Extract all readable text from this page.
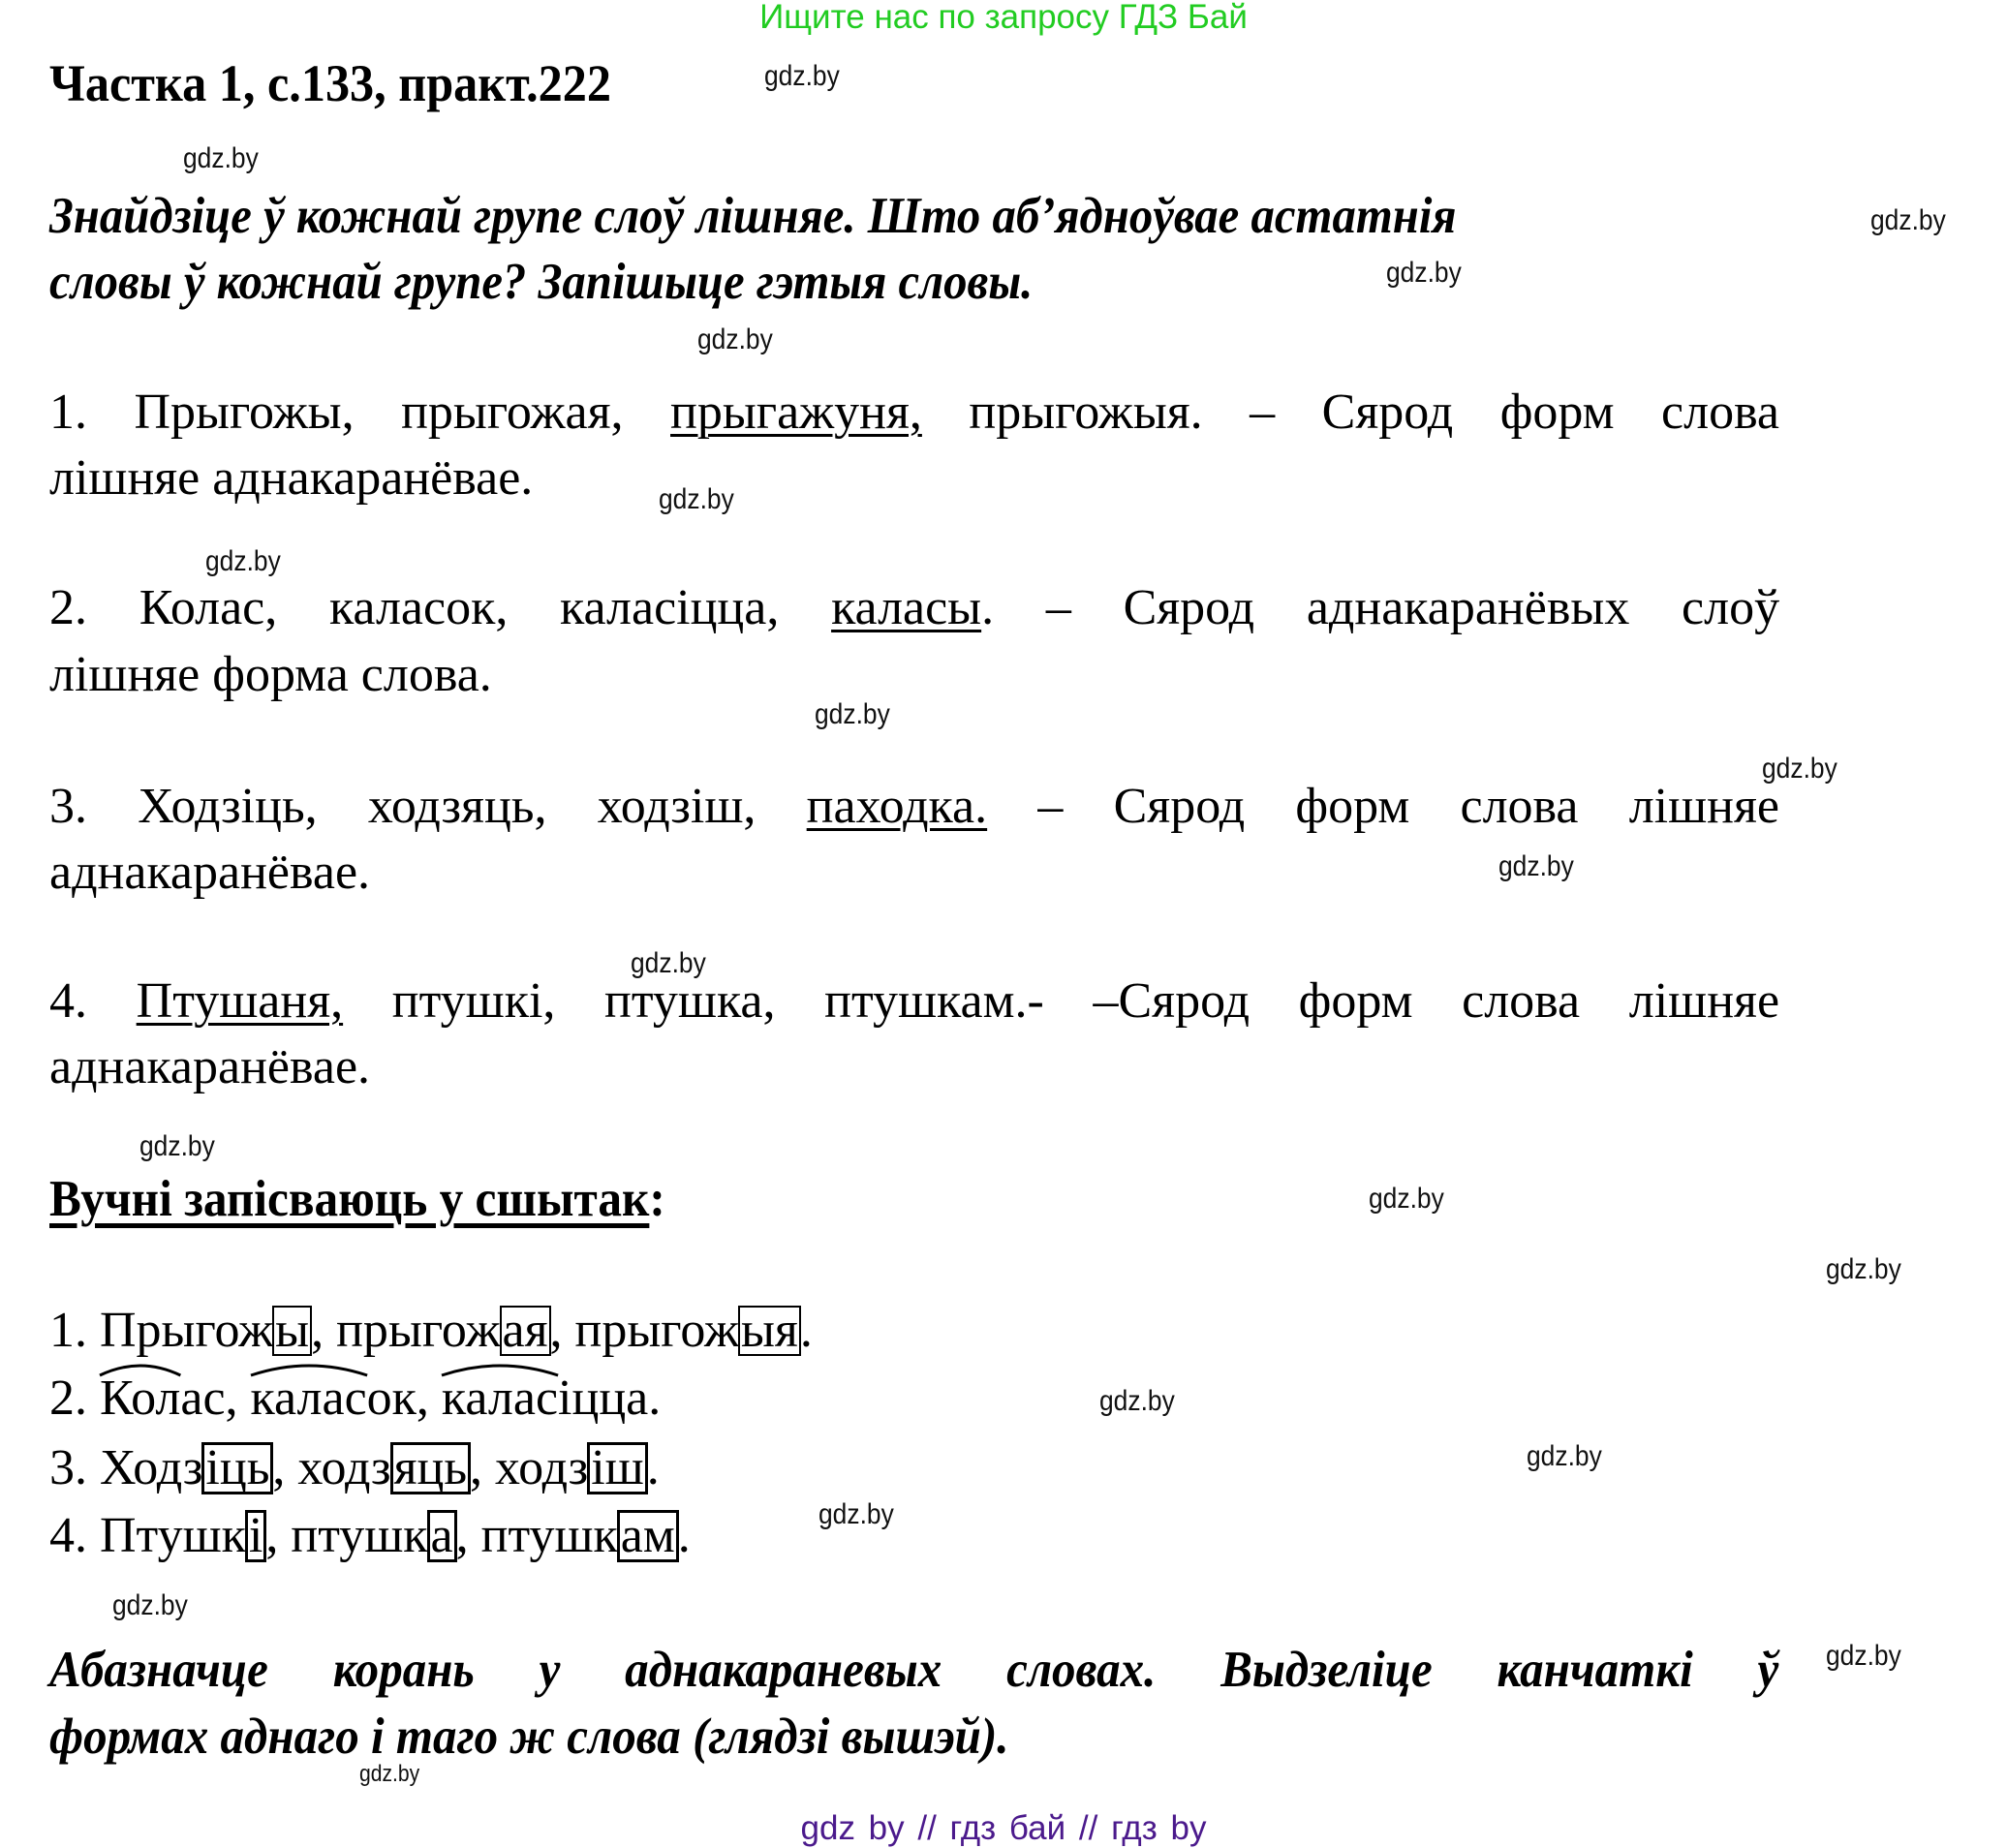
Ищите нас по запросу ГДЗ Бай
Частка 1, с.133, практ.222
Знайдзіце ў кожнай групе слоў лішняе. Што аб’ядноўвае астатнія
словы ў кожнай групе? Запішыце гэтыя словы.
1. Прыгожы, прыгожая, прыгажуня, прыгожыя. – Сярод форм слова
лішняе аднакаранёвае.
2. Колас, каласок, каласіцца, каласы. – Сярод аднакаранёвых слоў
лішняе форма слова.
3. Ходзіць, ходзяць, ходзіш, паходка. – Сярод форм слова лішняе
аднакаранёвае.
4. Птушаня, птушкі, птушка, птушкам.- –Сярод форм слова лішняе
аднакаранёвае.
Вучні запісваюць у сшытак:
1. Прыгожы, прыгожая, прыгожыя.
2. Колас,
каласок,
каласіцца.
3. Ходзіць, ходзяць, ходзіш.
4. Птушкі, птушка, птушкам.
Абазначце корань у аднакараневых словах. Выдзеліце канчаткі ў
формах аднаго і таго ж слова (глядзі вышэй).
gdz.by
gdz.by
gdz.by
gdz.by
gdz.by
gdz.by
gdz.by
gdz.by
gdz.by
gdz.by
gdz.by
gdz.by
gdz.by
gdz.by
gdz.by
gdz.by
gdz.by
gdz.by
gdz.by
gdz.by
gdz by // гдз бай // гдз by
